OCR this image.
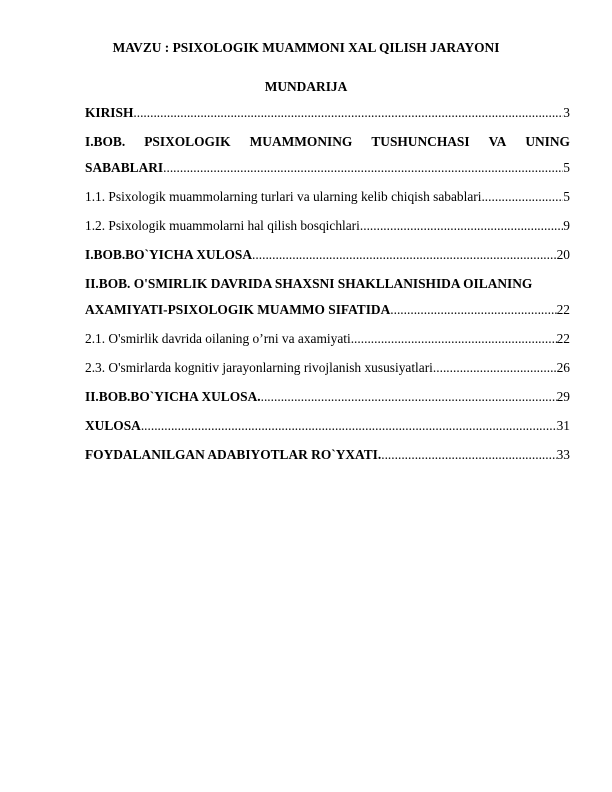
MAVZU : PSIXOLOGIK MUAMMONI XAL QILISH JARAYONI
MUNDARIJA
KIRISH .....	3
I.BOB. PSIXOLOGIK MUAMMONING TUSHUNCHASI VA UNING
SABABLARI .....	5
1.1. Psixologik muammolarning turlari va ularning kelib chiqish sabablari .....	5
1.2. Psixologik muammolarni hal qilish bosqichlari .....	9
I.BOB.BO`YICHA XULOSA .....	20
II.BOB. O'SMIRLIK DAVRIDA SHAXSNI SHAKLLANISHIDA OILANING
AXAMIYATI-PSIXOLOGIK MUAMMO SIFATIDA .....	22
2.1. O'smirlik davrida oilaning o’rni va axamiyati .....	22
2.3. O'smirlarda kognitiv jarayonlarning rivojlanish xususiyatlari .....	26
II.BOB.BO`YICHA XULOSA. .....	29
XULOSA .....	31
FOYDALANILGAN ADABIYOTLAR RO`YXATI. .....	33
